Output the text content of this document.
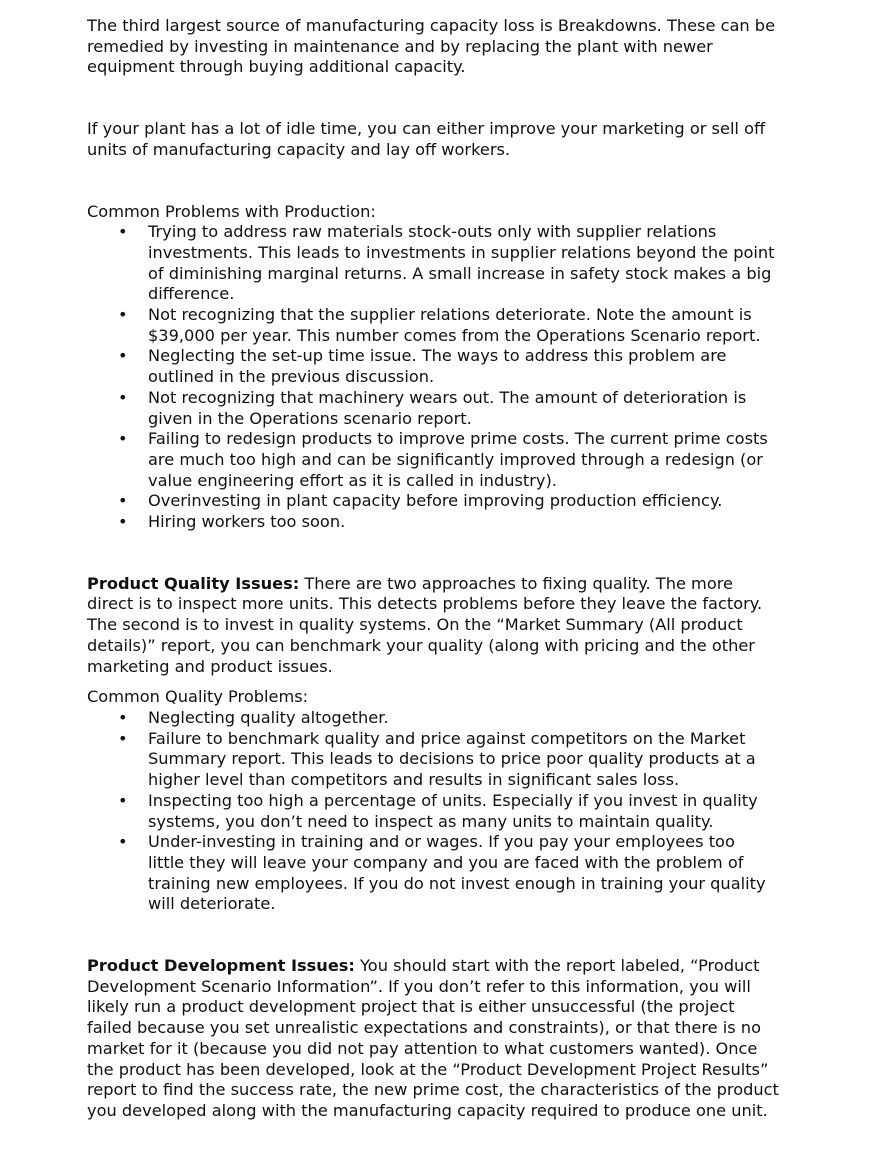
The third largest source of manufacturing capacity loss is Breakdowns. These can be
remedied by investing in maintenance and by replacing the plant with newer
equipment through buying additional capacity.

If your plant has a lot of idle time, you can either improve your marketing or sell off
units of manufacturing capacity and lay off workers.

Common Problems with Production:

• Trying to address raw materials stock-outs only with supplier relations
investments. This leads to investments in supplier relations beyond the point
of diminishing marginal returns. A small increase in safety stock makes a big
difference.
• Not recognizing that the supplier relations deteriorate. Note the amount is
$39,000 per year. This number comes from the Operations Scenario report.
• Neglecting the set-up time issue. The ways to address this problem are
outlined in the previous discussion.
• Not recognizing that machinery wears out. The amount of deterioration is
given in the Operations scenario report.
• Failing to redesign products to improve prime costs. The current prime costs
are much too high and can be significantly improved through a redesign (or
value engineering effort as it is called in industry).
• Overinvesting in plant capacity before improving production efficiency.
• Hiring workers too soon.

Product Quality Issues: There are two approaches to fixing quality. The more
direct is to inspect more units. This detects problems before they leave the factory.
The second is to invest in quality systems. On the “Market Summary (All product
details)” report, you can benchmark your quality (along with pricing and the other
marketing and product issues.

Common Quality Problems:

• Neglecting quality altogether.
• Failure to benchmark quality and price against competitors on the Market
Summary report. This leads to decisions to price poor quality products at a
higher level than competitors and results in significant sales loss.
• Inspecting too high a percentage of units. Especially if you invest in quality
systems, you don’t need to inspect as many units to maintain quality.
• Under-investing in training and or wages. If you pay your employees too
little they will leave your company and you are faced with the problem of
training new employees. If you do not invest enough in training your quality
will deteriorate.

Product Development Issues: You should start with the report labeled, “Product
Development Scenario Information”. If you don’t refer to this information, you will
likely run a product development project that is either unsuccessful (the project
failed because you set unrealistic expectations and constraints), or that there is no
market for it (because you did not pay attention to what customers wanted). Once
the product has been developed, look at the “Product Development Project Results”
report to find the success rate, the new prime cost, the characteristics of the product
you developed along with the manufacturing capacity required to produce one unit.
